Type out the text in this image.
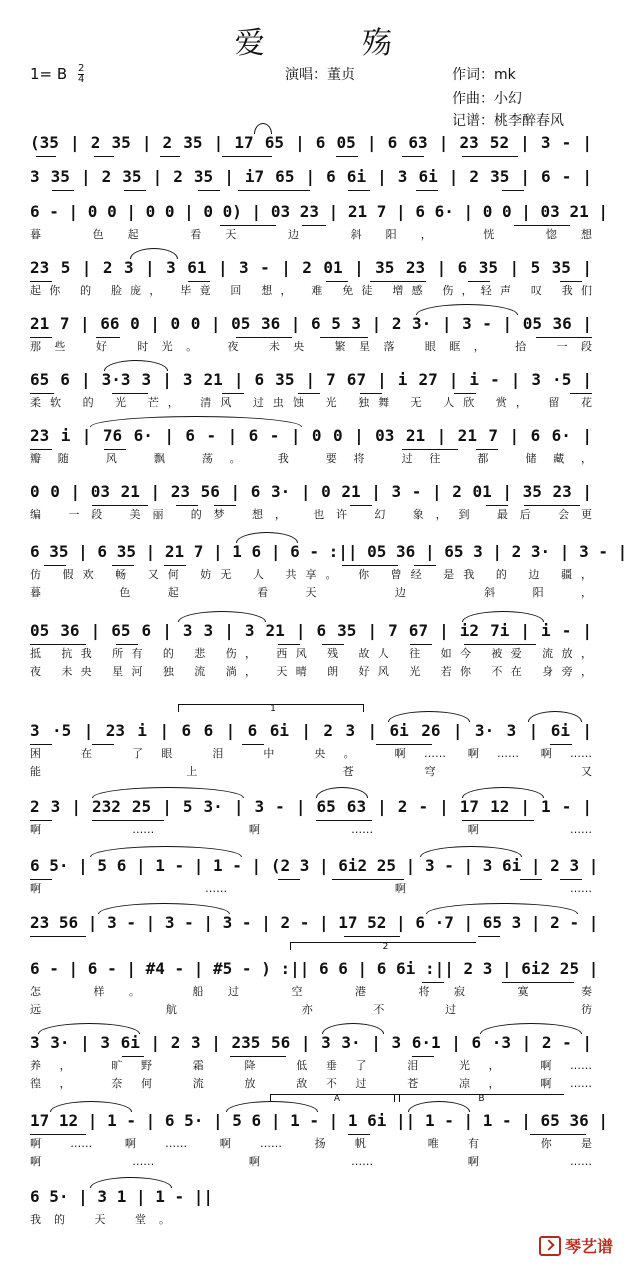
爱 殇
1= B $\frac{2}{4}$	演唱：董贞	作词：mk
作曲：小幻
记谱：桃李醉春风
(35 | 2 35 | 2 35 | 17 65 | 6 05 | 6 63 | 23 52 | 3 - |
3 35 | 2 35 | 2 35 | i7 65 | 6 6i | 3 6i | 2 35 | 6 - |
6 - | 0 0 | 0 0 | 0 0) | 03 23 | 21 7 | 6 6· | 0 0 | 03 21 |
暮 色起 看天 边 斜阳， 恍 惚想
23 5 | 2 3 | 3 61 | 3 - | 2 01 | 35 23 | 6 35 | 5 35 |
起你 的 脸庞， 毕竟 回 想， 难 免徒 增感 伤，轻声 叹 我们
21 7 | 66 0 | 0 0 | 05 36 | 6 5 3 | 2 3· | 3 - | 05 36 |
那些 好 时光。 夜 未央 繁星落 眼眶， 拾 一段
65 6 | 3·3 3 | 3 21 | 6 35 | 7 67 | i 27 | i - | 3 ·5 |
柔软 的 光 芒， 清风 过虫蚀 光 独舞 无 人欣 赏， 留 花
23 i | 76 6· | 6 - | 6 - | 0 0 | 03 21 | 21 7 | 6 6· |
瓣随 风 飘 荡。 我 要将 过往 都 储藏，
0 0 | 03 21 | 23 56 | 6 3· | 0 21 | 3 - | 2 01 | 35 23 |
编 一段 美丽 的梦 想， 也许 幻 象，到 最后 会更
6 35 | 6 35 | 21 7 | 1 6 | 6 - :|| 05 36 | 65 3 | 2 3· | 3 - |
仿 假欢 畅 又何 妨无 人 共享。 你 曾经 是我 的 边 疆，
暮 色起 看天 边 斜阳，
05 36 | 65 6 | 3 3 | 3 21 | 6 35 | 7 67 | i2 7i | i - |
抵 抗我 所有 的 悲 伤， 西风 残 故人 往 如今 被爱 流放，
夜 未央 星河 独 流 淌， 天晴 朗 好风 光 若你 不在 身旁，
1
3 ·5 | 23 i | 6 6 | 6 6i | 2 3 | 6i 26 | 3· 3 | 6i |
困 在 了眼 泪 中 央。 啊…… 啊…… 啊……
能 上 苍穹 又
2 3 | 232 25 | 5 3· | 3 - | 65 63 | 2 - | 17 12 | 1 - |
啊…… 啊…… 啊……
6 5· | 5 6 | 1 - | 1 - | (2 3 | 6i2 25 | 3 - | 3 6i | 2 3 |
啊…… 啊……
23 56 | 3 - | 3 - | 3 - | 2 - | 17 52 | 6 ·7 | 65 3 | 2 - |
2
6 - | 6 - | #4 - | #5 - ) :|| 6 6 | 6 6i :|| 2 3 | 6i2 25 |
怎 样。 船过 空 港 将寂 寞 奏
远 航 亦不过 彷
3 3· | 3 6i | 2 3 | 235 56 | 3 3· | 3 6·1 | 6 ·3 | 2 - |
养， 旷野 霜 降 低垂了 泪 光， 啊……
徨， 奈何 流 放 敌不过 苍 凉， 啊……
A	B
17 12 | 1 - | 6 5· | 5 6 | 1 - | 1 6i || 1 - | 1 - | 65 36 |
啊…… 啊…… 啊…… 扬帆 唯有 你是
啊…… 啊…… 啊……
6 5· | 3 1 | 1 - ||
我的 天 堂。
琴艺谱
